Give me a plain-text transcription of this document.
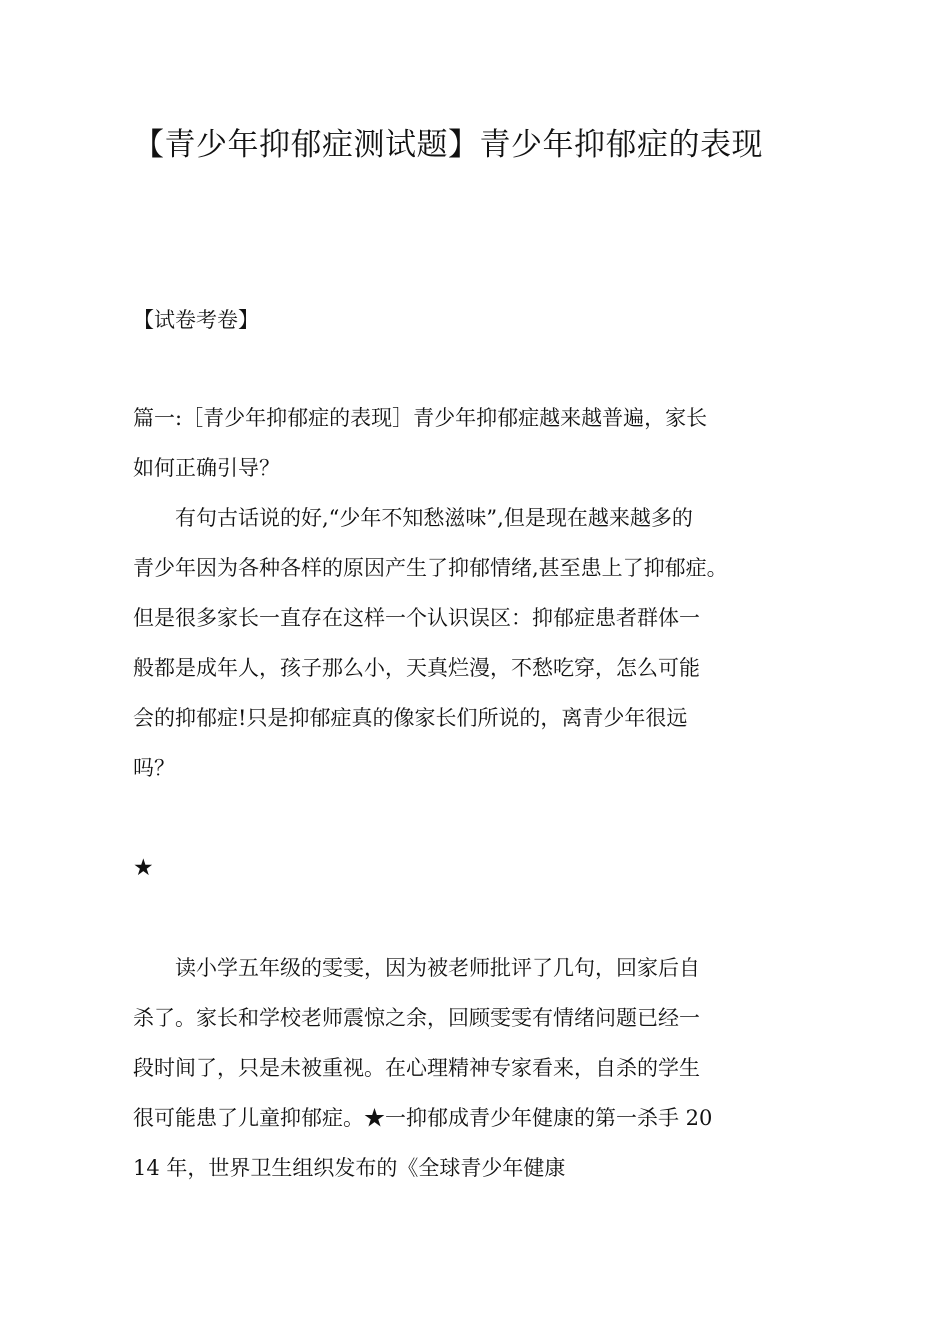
【青少年抑郁症测试题】青少年抑郁症的表现

【试卷考卷】

篇一:［青少年抑郁症的表现］青少年抑郁症越来越普遍，家长

如何正确引导？

　　有句古话说的好,“少年不知愁滋味”,但是现在越来越多的

青少年因为各种各样的原因产生了抑郁情绪,甚至患上了抑郁症。

但是很多家长一直存在这样一个认识误区：抑郁症患者群体一

般都是成年人，孩子那么小，天真烂漫，不愁吃穿，怎么可能

会的抑郁症!只是抑郁症真的像家长们所说的，离青少年很远

吗？

★

　　读小学五年级的雯雯，因为被老师批评了几句，回家后自

杀了。家长和学校老师震惊之余，回顾雯雯有情绪问题已经一

段时间了，只是未被重视。在心理精神专家看来，自杀的学生

很可能患了儿童抑郁症。★一抑郁成青少年健康的第一杀手 20

14 年，世界卫生组织发布的《全球青少年健康
